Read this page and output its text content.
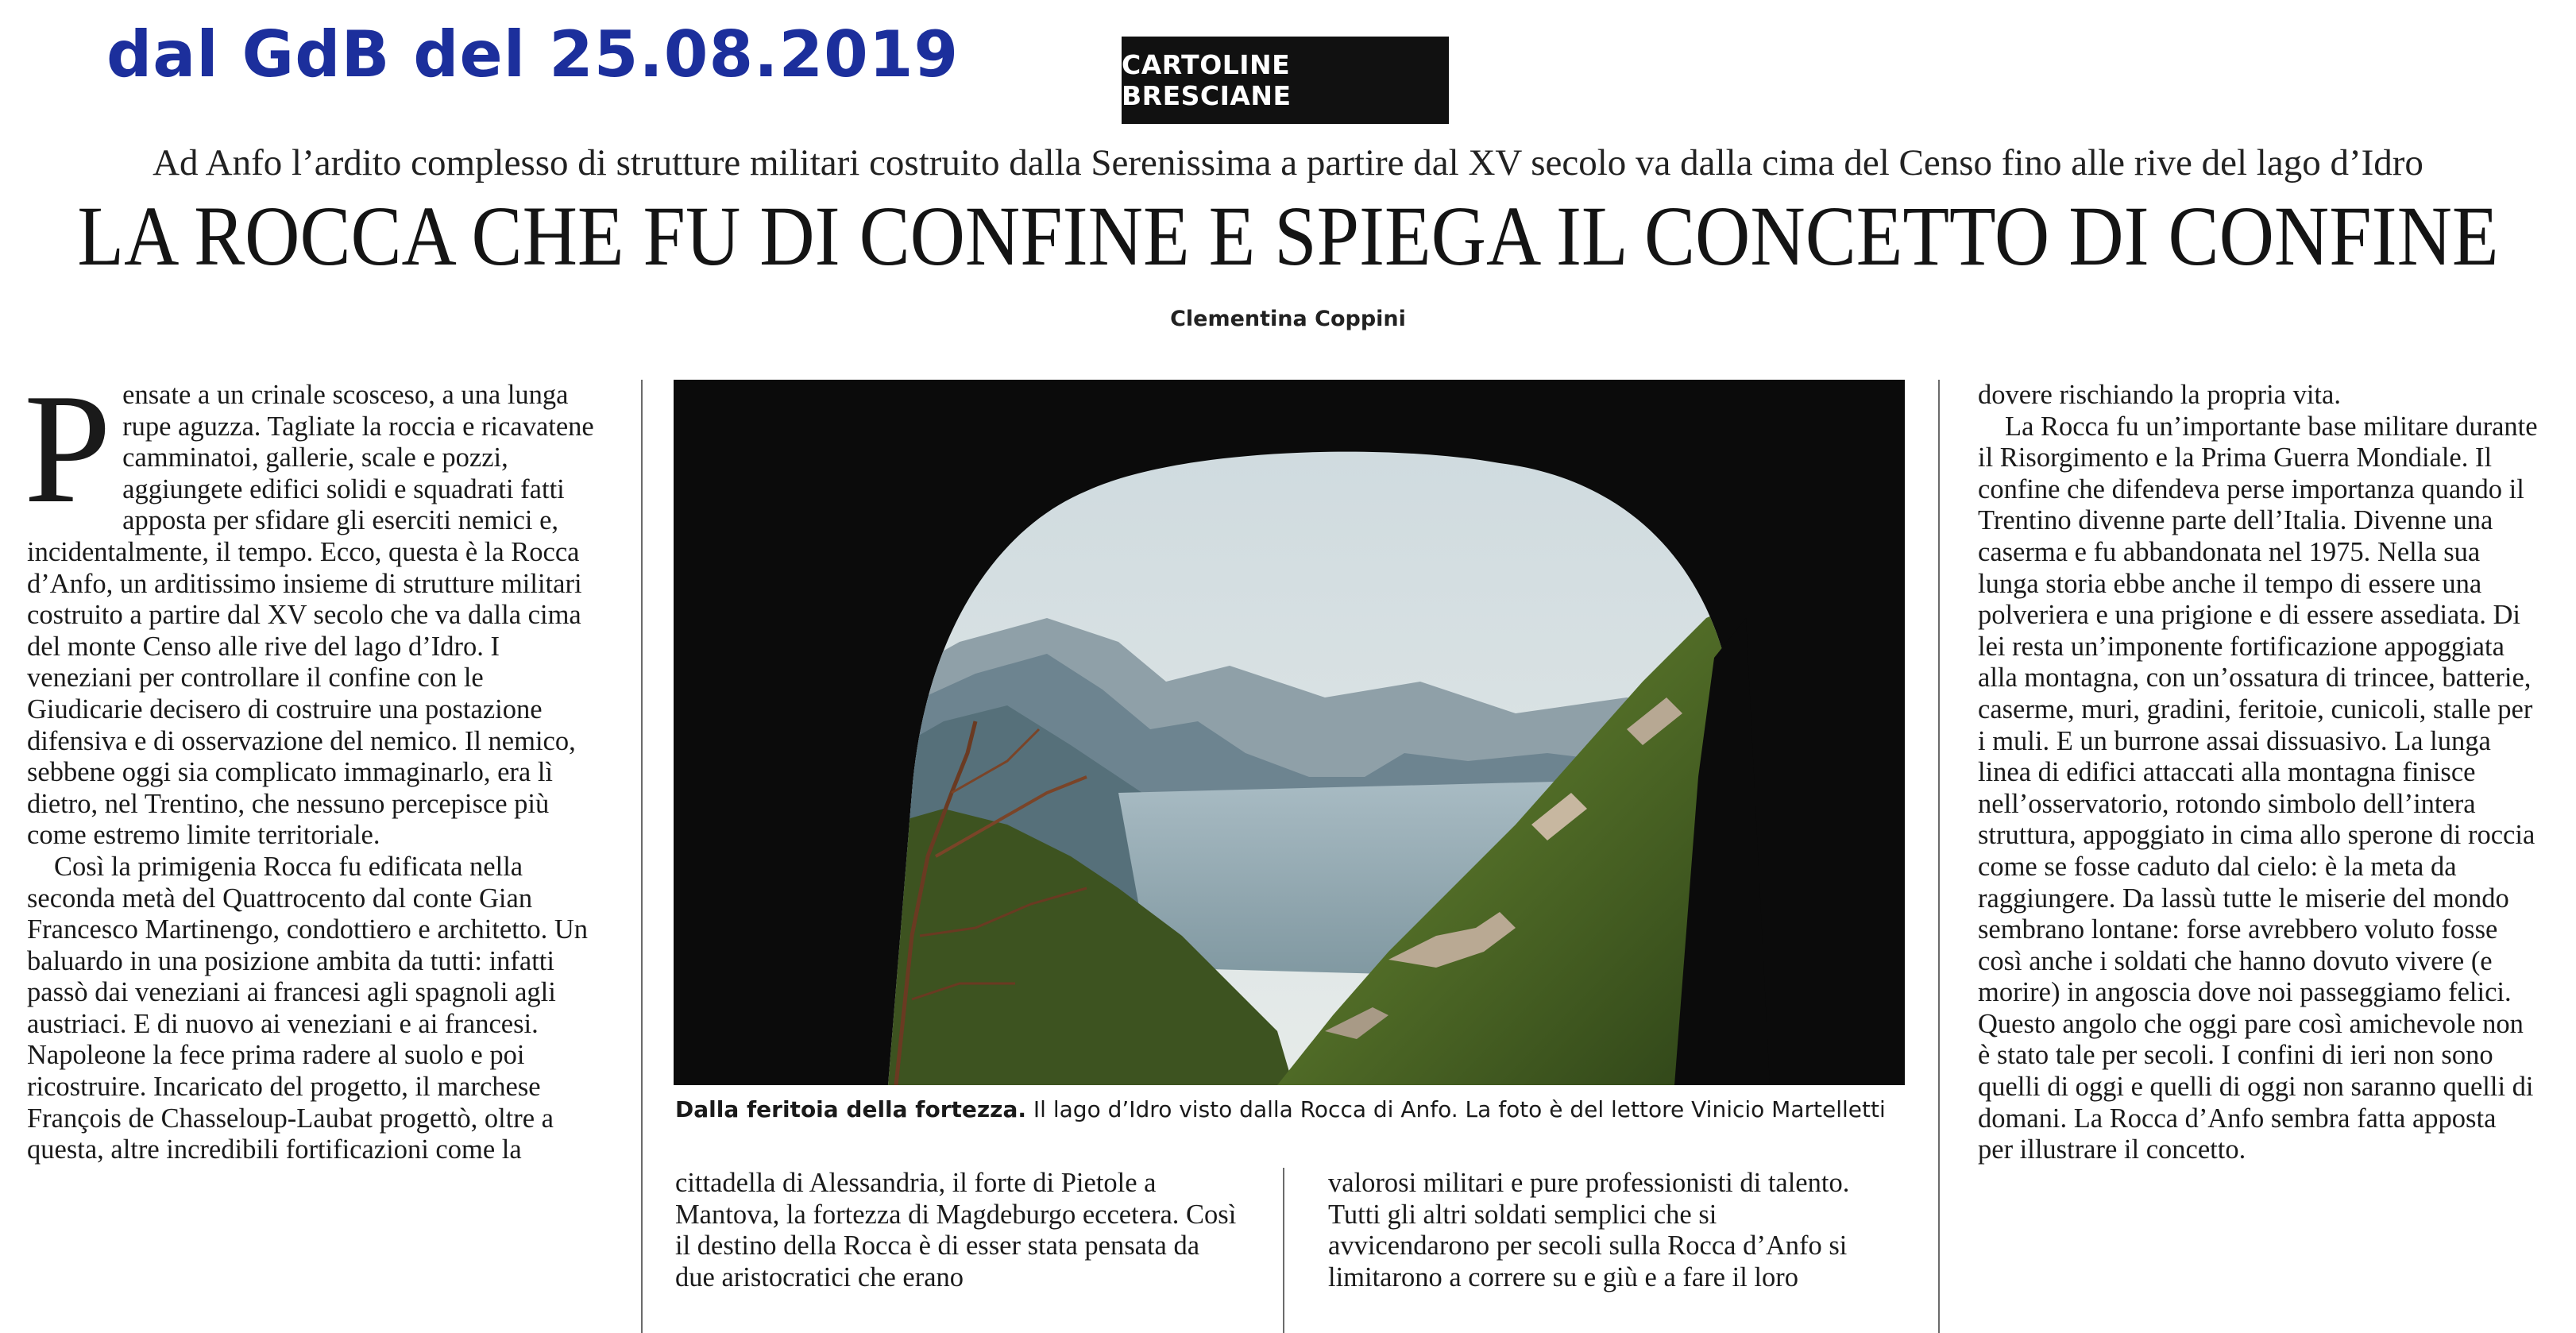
dal GdB del 25.08.2019	CARTOLINE BRESCIANE

Ad Anfo l’ardito complesso di strutture militari costruito dalla Serenissima a partire dal XV secolo va dalla cima del Censo fino alle rive del lago d’Idro

LA ROCCA CHE FU DI CONFINE E SPIEGA IL CONCETTO DI CONFINE

Clementina Coppini

P ensate a un crinale scosceso, a una lunga rupe aguzza. Tagliate la roccia e ricavatene camminatoi, gallerie, scale e pozzi, aggiungete edifici solidi e squadrati fatti apposta per sfidare gli eserciti nemici e, incidentalmente, il tempo. Ecco, questa è la Rocca d’Anfo, un arditissimo insieme di strutture militari costruito a partire dal XV secolo che va dalla cima del monte Censo alle rive del lago d’Idro. I veneziani per controllare il confine con le Giudicarie decisero di costruire una postazione difensiva e di osservazione del nemico. Il nemico, sebbene oggi sia complicato immaginarlo, era lì dietro, nel Trentino, che nessuno percepisce più come estremo limite territoriale.

Così la primigenia Rocca fu edificata nella seconda metà del Quattrocento dal conte Gian Francesco Martinengo, condottiero e architetto. Un baluardo in una posizione ambita da tutti: infatti passò dai veneziani ai francesi agli spagnoli agli austriaci. E di nuovo ai veneziani e ai francesi. Napoleone la fece prima radere al suolo e poi ricostruire. Incaricato del progetto, il marchese François de Chasseloup-Laubat progettò, oltre a questa, altre incredibili fortificazioni come la

Dalla feritoia della fortezza. Il lago d’Idro visto dalla Rocca di Anfo. La foto è del lettore Vinicio Martelletti

cittadella di Alessandria, il forte di Pietole a Mantova, la fortezza di Magdeburgo eccetera. Così il destino della Rocca è di esser stata pensata da due aristocratici che erano

valorosi militari e pure professionisti di talento. Tutti gli altri soldati semplici che si avvicendarono per secoli sulla Rocca d’Anfo si limitarono a correre su e giù e a fare il loro

dovere rischiando la propria vita.

La Rocca fu un’importante base militare durante il Risorgimento e la Prima Guerra Mondiale. Il confine che difendeva perse importanza quando il Trentino divenne parte dell’Italia. Divenne una caserma e fu abbandonata nel 1975. Nella sua lunga storia ebbe anche il tempo di essere una polveriera e una prigione e di essere assediata. Di lei resta un’imponente fortificazione appoggiata alla montagna, con un’ossatura di trincee, batterie, caserme, muri, gradini, feritoie, cunicoli, stalle per i muli. E un burrone assai dissuasivo. La lunga linea di edifici attaccati alla montagna finisce nell’osservatorio, rotondo simbolo dell’intera struttura, appoggiato in cima allo sperone di roccia come se fosse caduto dal cielo: è la meta da raggiungere. Da lassù tutte le miserie del mondo sembrano lontane: forse avrebbero voluto fosse così anche i soldati che hanno dovuto vivere (e morire) in angoscia dove noi passeggiamo felici. Questo angolo che oggi pare così amichevole non è stato tale per secoli. I confini di ieri non sono quelli di oggi e quelli di oggi non saranno quelli di domani. La Rocca d’Anfo sembra fatta apposta per illustrare il concetto.
